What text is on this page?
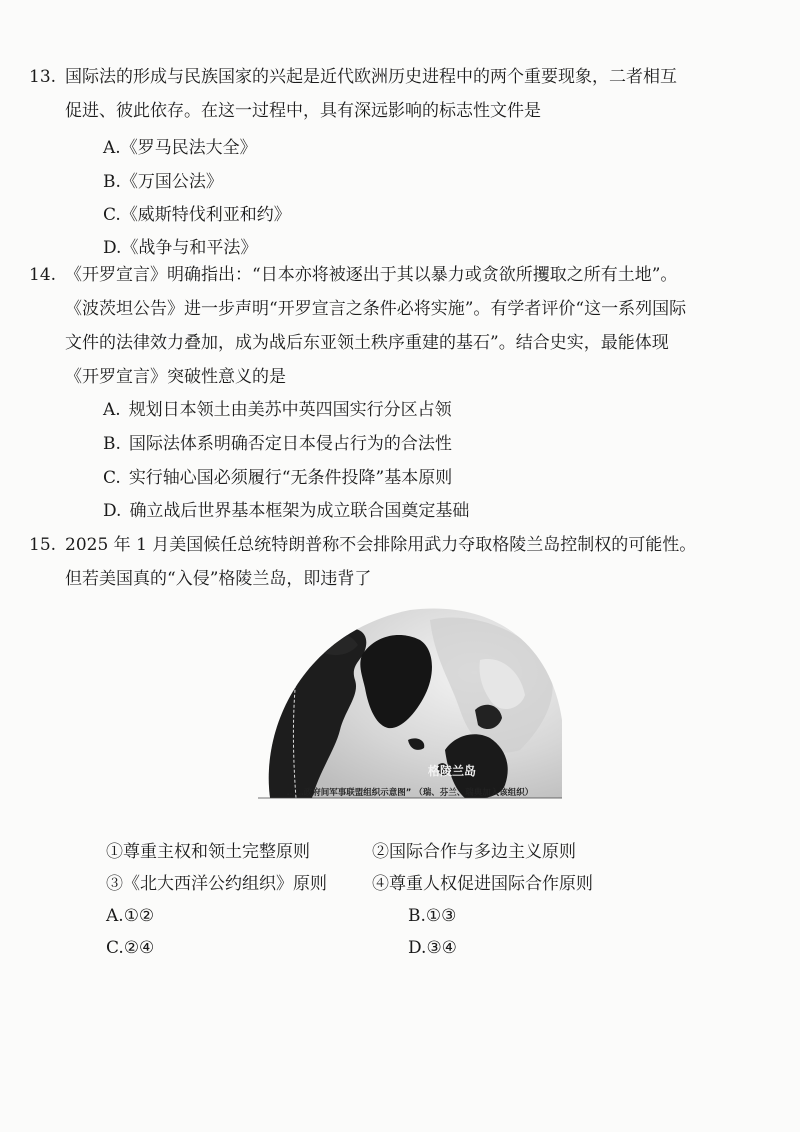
13. 国际法的形成与民族国家的兴起是近代欧洲历史进程中的两个重要现象，二者相互
促进、彼此依存。在这一过程中，具有深远影响的标志性文件是
A.《罗马民法大全》
B.《万国公法》
C.《威斯特伐利亚和约》
D.《战争与和平法》
14. 《开罗宣言》明确指出：“日本亦将被逐出于其以暴力或贪欲所攫取之所有土地”。
《波茨坦公告》进一步声明“开罗宣言之条件必将实施”。有学者评价“这一系列国际
文件的法律效力叠加，成为战后东亚领土秩序重建的基石”。结合史实，最能体现
《开罗宣言》突破性意义的是
A. 规划日本领土由美苏中英四国实行分区占领
B. 国际法体系明确否定日本侵占行为的合法性
C. 实行轴心国必须履行“无条件投降”基本原则
D. 确立战后世界基本框架为成立联合国奠定基础
15. 2025 年 1 月美国候任总统特朗普称不会排除用武力夺取格陵兰岛控制权的可能性。
但若美国真的“入侵”格陵兰岛，即违背了
格陵兰岛
……政府间军事联盟组织示意图” （瑞、芬兰、瑞典加入该组织）
①尊重主权和领土完整原则	②国际合作与多边主义原则
③《北大西洋公约组织》原则	④尊重人权促进国际合作原则
A.①②	B.①③
C.②④	D.③④
